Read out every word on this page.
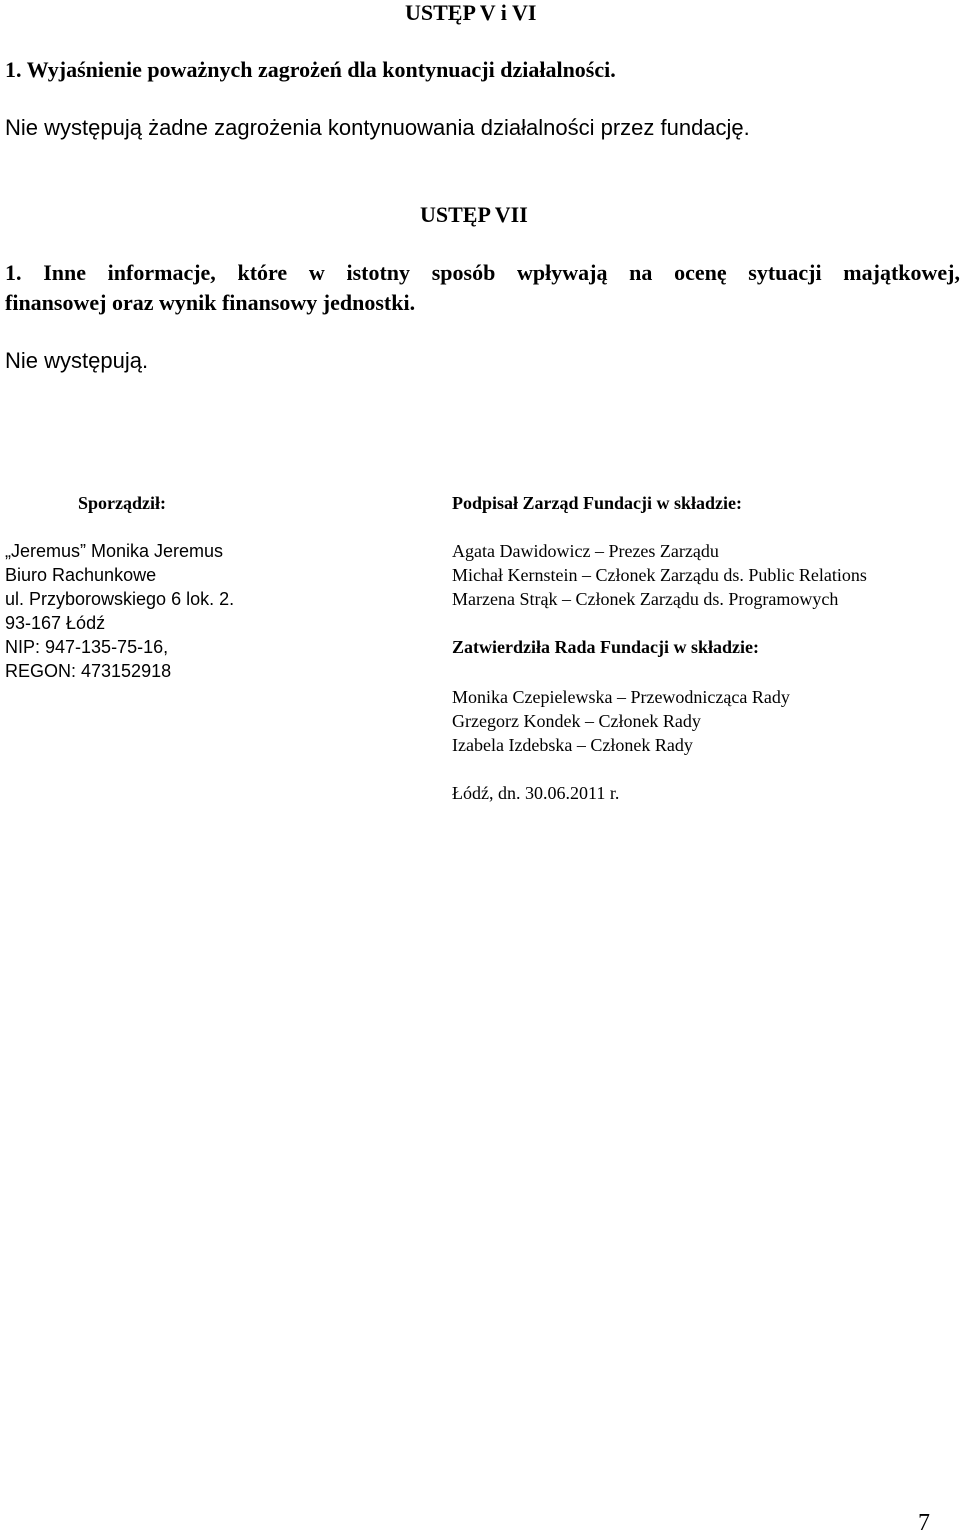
USTĘP V i VI
1. Wyjaśnienie poważnych zagrożeń dla kontynuacji działalności.
Nie występują żadne zagrożenia kontynuowania działalności przez fundację.
USTĘP VII
1. Inne informacje, które w istotny sposób wpływają na ocenę sytuacji majątkowej,
finansowej oraz wynik finansowy jednostki.
Nie występują.
Sporządził:
„Jeremus” Monika Jeremus
Biuro Rachunkowe
ul. Przyborowskiego 6 lok. 2.
93-167 Łódź
NIP: 947-135-75-16,
REGON: 473152918
Podpisał Zarząd Fundacji w składzie:
Agata Dawidowicz – Prezes Zarządu
Michał Kernstein – Członek Zarządu ds. Public Relations
Marzena Strąk – Członek Zarządu ds. Programowych
Zatwierdziła Rada Fundacji w składzie:
Monika Czepielewska – Przewodnicząca Rady
Grzegorz Kondek – Członek Rady
Izabela Izdebska – Członek Rady
Łódź, dn. 30.06.2011 r.
7
